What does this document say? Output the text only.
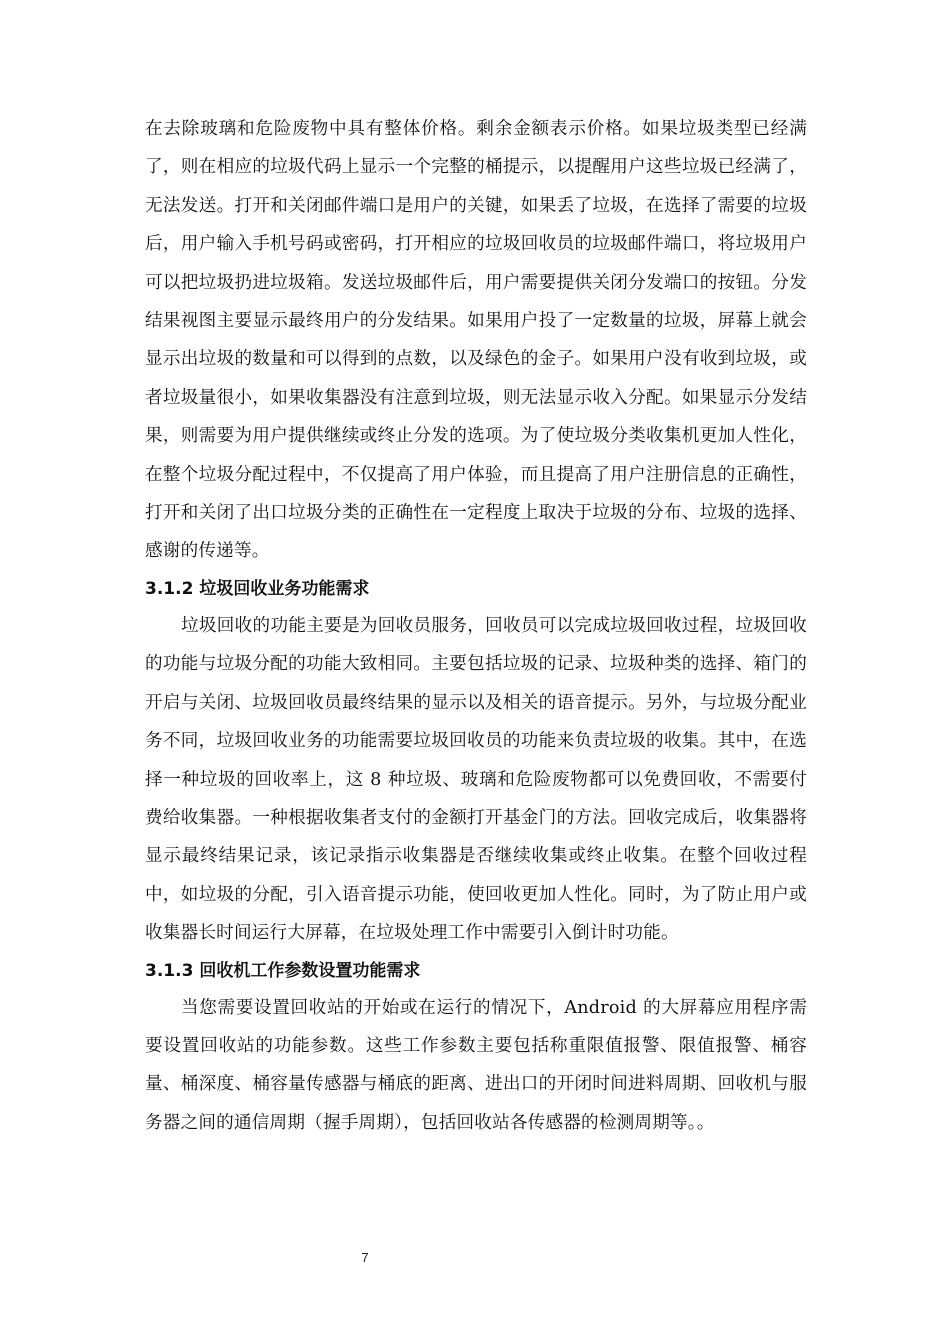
在去除玻璃和危险废物中具有整体价格。剩余金额表示价格。如果垃圾类型已经满了，则在相应的垃圾代码上显示一个完整的桶提示，以提醒用户这些垃圾已经满了，无法发送。打开和关闭邮件端口是用户的关键，如果丢了垃圾，在选择了需要的垃圾后，用户输入手机号码或密码，打开相应的垃圾回收员的垃圾邮件端口，将垃圾用户可以把垃圾扔进垃圾箱。发送垃圾邮件后，用户需要提供关闭分发端口的按钮。分发结果视图主要显示最终用户的分发结果。如果用户投了一定数量的垃圾，屏幕上就会显示出垃圾的数量和可以得到的点数，以及绿色的金子。如果用户没有收到垃圾，或者垃圾量很小，如果收集器没有注意到垃圾，则无法显示收入分配。如果显示分发结果，则需要为用户提供继续或终止分发的选项。为了使垃圾分类收集机更加人性化，在整个垃圾分配过程中，不仅提高了用户体验，而且提高了用户注册信息的正确性，打开和关闭了出口垃圾分类的正确性在一定程度上取决于垃圾的分布、垃圾的选择、感谢的传递等。

3.1.2 垃圾回收业务功能需求

垃圾回收的功能主要是为回收员服务，回收员可以完成垃圾回收过程，垃圾回收的功能与垃圾分配的功能大致相同。主要包括垃圾的记录、垃圾种类的选择、箱门的开启与关闭、垃圾回收员最终结果的显示以及相关的语音提示。另外，与垃圾分配业务不同，垃圾回收业务的功能需要垃圾回收员的功能来负责垃圾的收集。其中，在选择一种垃圾的回收率上，这 8 种垃圾、玻璃和危险废物都可以免费回收，不需要付费给收集器。一种根据收集者支付的金额打开基金门的方法。回收完成后，收集器将显示最终结果记录，该记录指示收集器是否继续收集或终止收集。在整个回收过程中，如垃圾的分配，引入语音提示功能，使回收更加人性化。同时，为了防止用户或收集器长时间运行大屏幕，在垃圾处理工作中需要引入倒计时功能。

3.1.3 回收机工作参数设置功能需求

当您需要设置回收站的开始或在运行的情况下，Android 的大屏幕应用程序需要设置回收站的功能参数。这些工作参数主要包括称重限值报警、限值报警、桶容量、桶深度、桶容量传感器与桶底的距离、进出口的开闭时间进料周期、回收机与服务器之间的通信周期（握手周期），包括回收站各传感器的检测周期等。。

7
